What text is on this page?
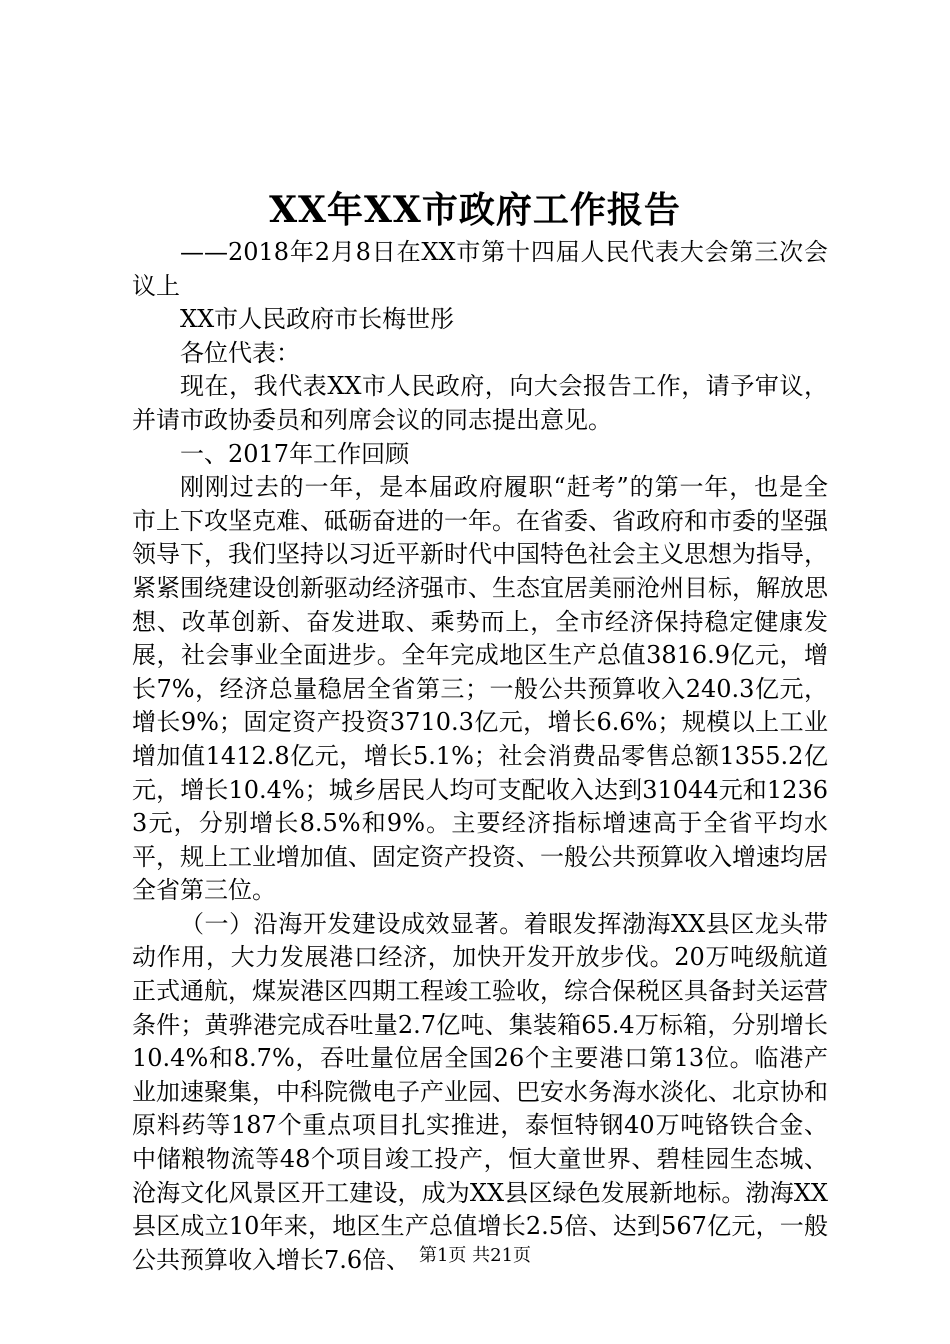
XX年XX市政府工作报告

——2018年2月8日在XX市第十四届人民代表大会第三次会议上

XX市人民政府市长梅世彤

各位代表：

现在，我代表XX市人民政府，向大会报告工作，请予审议，并请市政协委员和列席会议的同志提出意见。

一、2017年工作回顾

刚刚过去的一年，是本届政府履职“赶考”的第一年，也是全市上下攻坚克难、砥砺奋进的一年。在省委、省政府和市委的坚强领导下，我们坚持以习近平新时代中国特色社会主义思想为指导，紧紧围绕建设创新驱动经济强市、生态宜居美丽沧州目标，解放思想、改革创新、奋发进取、乘势而上，全市经济保持稳定健康发展，社会事业全面进步。全年完成地区生产总值3816.9亿元，增长7%，经济总量稳居全省第三；一般公共预算收入240.3亿元，增长9%；固定资产投资3710.3亿元，增长6.6%；规模以上工业增加值1412.8亿元，增长5.1%；社会消费品零售总额1355.2亿元，增长10.4%；城乡居民人均可支配收入达到31044元和12363元，分别增长8.5%和9%。主要经济指标增速高于全省平均水平，规上工业增加值、固定资产投资、一般公共预算收入增速均居全省第三位。

（一）沿海开发建设成效显著。着眼发挥渤海XX县区龙头带动作用，大力发展港口经济，加快开发开放步伐。20万吨级航道正式通航，煤炭港区四期工程竣工验收，综合保税区具备封关运营条件；黄骅港完成吞吐量2.7亿吨、集装箱65.4万标箱，分别增长10.4%和8.7%，吞吐量位居全国26个主要港口第13位。临港产业加速聚集，中科院微电子产业园、巴安水务海水淡化、北京协和原料药等187个重点项目扎实推进，泰恒特钢40万吨铬铁合金、中储粮物流等48个项目竣工投产，恒大童世界、碧桂园生态城、沧海文化风景区开工建设，成为XX县区绿色发展新地标。渤海XX县区成立10年来，地区生产总值增长2.5倍、达到567亿元，一般公共预算收入增长7.6倍、 第1页 共21页
